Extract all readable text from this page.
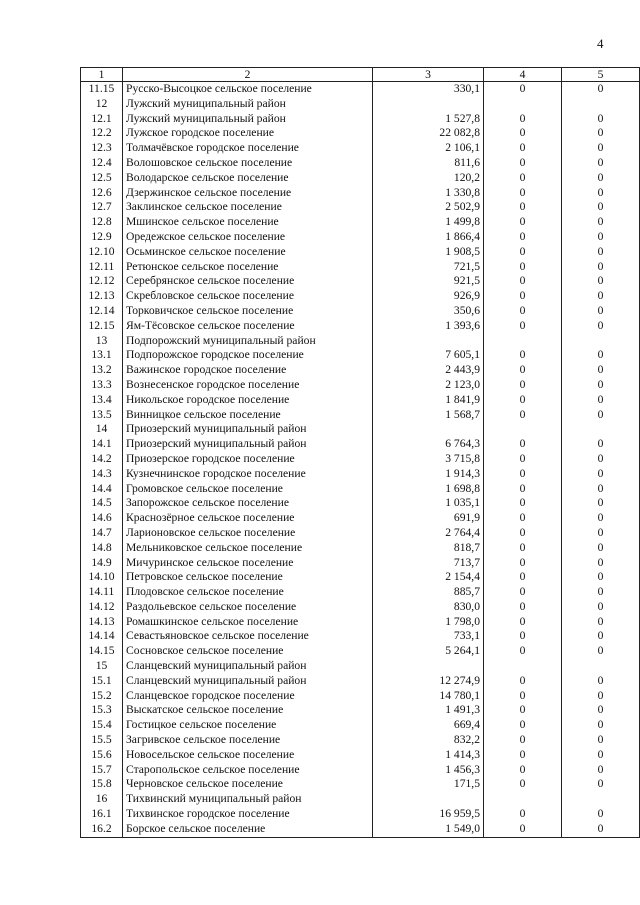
4
1	2	3	4	5
11.15	Русско-Высоцкое сельское поселение	330,1	0	0
12	Лужский муниципальный район			
12.1	Лужский муниципальный район	1 527,8	0	0
12.2	Лужское городское поселение	22 082,8	0	0
12.3	Толмачёвское городское поселение	2 106,1	0	0
12.4	Волошовское сельское поселение	811,6	0	0
12.5	Володарское сельское поселение	120,2	0	0
12.6	Дзержинское сельское поселение	1 330,8	0	0
12.7	Заклинское сельское поселение	2 502,9	0	0
12.8	Мшинское сельское поселение	1 499,8	0	0
12.9	Оредежское сельское поселение	1 866,4	0	0
12.10	Осьминское сельское поселение	1 908,5	0	0
12.11	Ретюнское сельское поселение	721,5	0	0
12.12	Серебрянское сельское поселение	921,5	0	0
12.13	Скребловское сельское поселение	926,9	0	0
12.14	Торковичское сельское поселение	350,6	0	0
12.15	Ям-Тёсовское сельское поселение	1 393,6	0	0
13	Подпорожский муниципальный район			
13.1	Подпорожское городское поселение	7 605,1	0	0
13.2	Важинское городское поселение	2 443,9	0	0
13.3	Вознесенское городское поселение	2 123,0	0	0
13.4	Никольское городское поселение	1 841,9	0	0
13.5	Винницкое сельское поселение	1 568,7	0	0
14	Приозерский муниципальный район			
14.1	Приозерский муниципальный район	6 764,3	0	0
14.2	Приозерское городское поселение	3 715,8	0	0
14.3	Кузнечнинское городское поселение	1 914,3	0	0
14.4	Громовское сельское поселение	1 698,8	0	0
14.5	Запорожское сельское поселение	1 035,1	0	0
14.6	Краснозёрное сельское поселение	691,9	0	0
14.7	Ларионовское сельское поселение	2 764,4	0	0
14.8	Мельниковское сельское поселение	818,7	0	0
14.9	Мичуринское сельское поселение	713,7	0	0
14.10	Петровское сельское поселение	2 154,4	0	0
14.11	Плодовское сельское поселение	885,7	0	0
14.12	Раздольевское сельское поселение	830,0	0	0
14.13	Ромашкинское сельское поселение	1 798,0	0	0
14.14	Севастьяновское сельское поселение	733,1	0	0
14.15	Сосновское сельское поселение	5 264,1	0	0
15	Сланцевский муниципальный район			
15.1	Сланцевский муниципальный район	12 274,9	0	0
15.2	Сланцевское городское поселение	14 780,1	0	0
15.3	Выскатское сельское поселение	1 491,3	0	0
15.4	Гостицкое сельское поселение	669,4	0	0
15.5	Загривское сельское поселение	832,2	0	0
15.6	Новосельское сельское поселение	1 414,3	0	0
15.7	Старопольское сельское поселение	1 456,3	0	0
15.8	Черновское сельское поселение	171,5	0	0
16	Тихвинский муниципальный район			
16.1	Тихвинское городское поселение	16 959,5	0	0
16.2	Борское сельское поселение	1 549,0	0	0
